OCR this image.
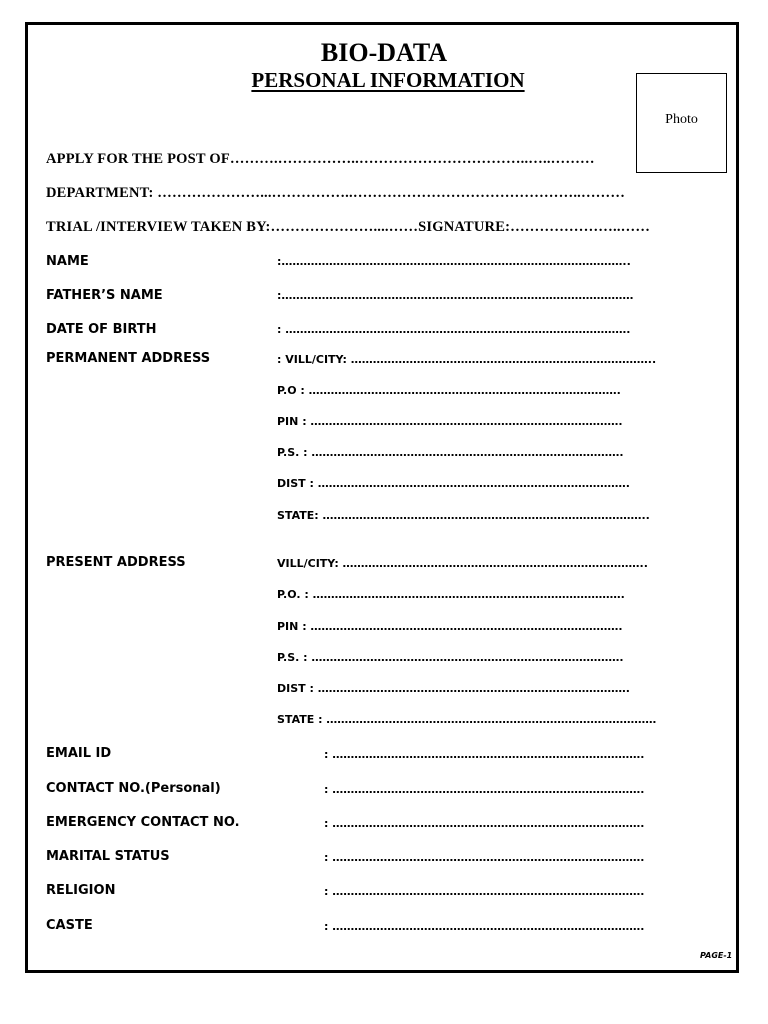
BIO-DATA
PERSONAL INFORMATION
Photo
APPLY FOR THE POST OF……….……………..……………………………..…..………
DEPARTMENT: …………………...……………..………………………………………..………
TRIAL /INTERVIEW TAKEN BY:…………………....……SIGNATURE:…………………..……
NAME	:…………………………………………………………………………………..
FATHER’S NAME	:……………………………………………………………………………………
DATE OF BIRTH	: ………………………………………………………………………………….
PERMANENT ADDRESS	: VILL/CITY: ………………………………………………………………………..
P.O : ………………………………………………………………………….
PIN : ………………………………………………………………………….
P.S. : ………………………………………………………………………….
DIST : ………………………………………………………………………….
STATE: ……………………………………………………………………………..
PRESENT ADDRESS	VILL/CITY: ………………………………………………………………………..
P.O. : ………………………………………………………………………….
PIN : ………………………………………………………………………….
P.S. : ………………………………………………………………………….
DIST : ………………………………………………………………………….
STATE : ………………………………………………………………………………
EMAIL ID	: ………………………………………………………………………….
CONTACT NO.(Personal)	: ………………………………………………………………………….
EMERGENCY CONTACT NO.	: ………………………………………………………………………….
MARITAL STATUS	: ………………………………………………………………………….
RELIGION	: ………………………………………………………………………….
CASTE	: ………………………………………………………………………….
PAGE-1
